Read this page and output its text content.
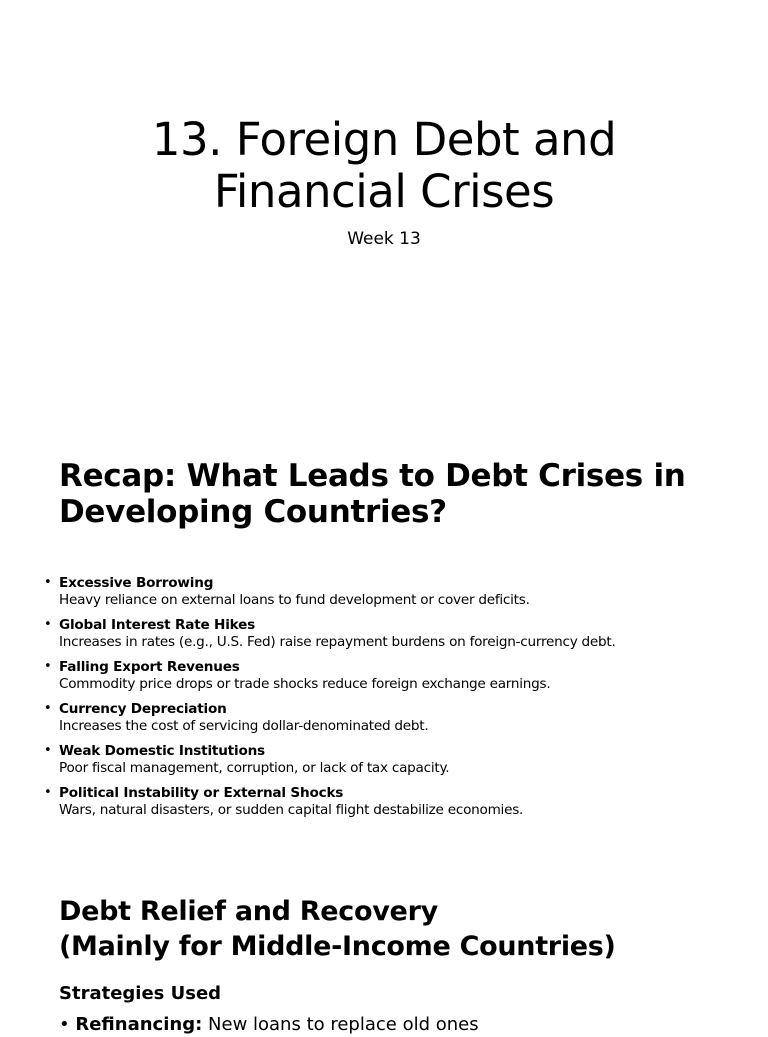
13. Foreign Debt and
Financial Crises

Week 13

Recap: What Leads to Debt Crises in
Developing Countries?
• Excessive Borrowing
Heavy reliance on external loans to fund development or cover deficits.
• Global Interest Rate Hikes
Increases in rates (e.g., U.S. Fed) raise repayment burdens on foreign-currency debt.
• Falling Export Revenues
Commodity price drops or trade shocks reduce foreign exchange earnings.
• Currency Depreciation
Increases the cost of servicing dollar-denominated debt.
• Weak Domestic Institutions
Poor fiscal management, corruption, or lack of tax capacity.
• Political Instability or External Shocks
Wars, natural disasters, or sudden capital flight destabilize economies.
Debt Relief and Recovery
(Mainly for Middle-Income Countries)
Strategies Used
• Refinancing: New loans to replace old ones
